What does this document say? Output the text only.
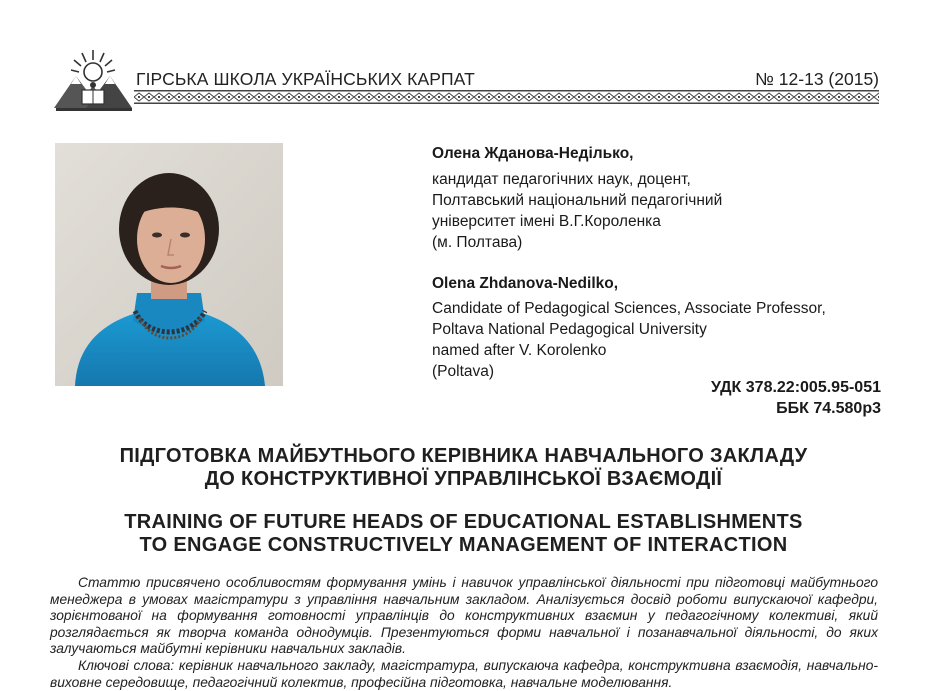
ГІРСЬКА ШКОЛА УКРАЇНСЬКИХ КАРПАТ	№ 12-13 (2015)
Олена Жданова-Неділько,
кандидат педагогічних наук, доцент,
Полтавський національний педагогічний
університет імені В.Г.Короленка
(м. Полтава)
Olena Zhdanova-Nedilko,
Candidate of Pedagogical Sciences, Associate Professor,
Poltava National Pedagogical University
named after V. Korolenko
(Poltava)
УДК 378.22:005.95-051
ББК 74.580р3
ПІДГОТОВКА МАЙБУТНЬОГО КЕРІВНИКА НАВЧАЛЬНОГО ЗАКЛАДУ
ДО КОНСТРУКТИВНОЇ УПРАВЛІНСЬКОЇ ВЗАЄМОДІЇ
TRAINING OF FUTURE HEADS OF EDUCATIONAL ESTABLISHMENTS
TO ENGAGE CONSTRUCTIVELY MANAGEMENT OF INTERACTION

Статтю присвячено особливостям формування умінь і навичок управлінської діяльності при підготовці майбутнього менеджера в умовах магістратури з управління навчальним закладом. Аналізується досвід роботи випускаючої кафедри, зорієнтованої на формування готовності управлінців до конструктивних взаємин у педагогічному колективі, який розглядається як творча команда однодумців. Презентуються форми навчальної і позанавчальної діяльності, до яких залучаються майбутні керівники навчальних закладів.

Ключові слова: керівник навчального закладу, магістратура, випускаюча кафедра, конструктивна взаємодія, навчально-виховне середовище, педагогічний колектив, професійна підготовка, навчальне моделювання.
